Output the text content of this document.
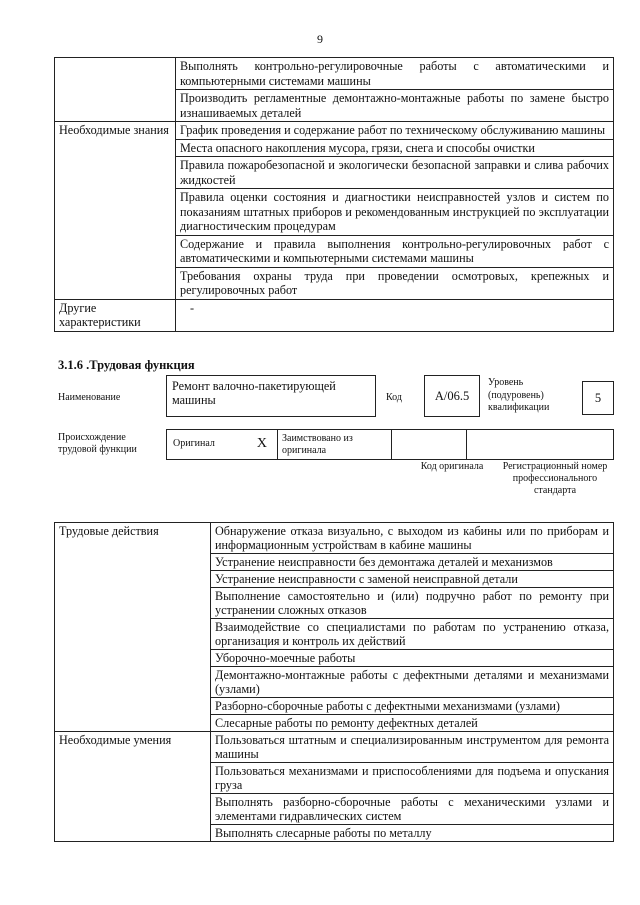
9
	Выполнять контрольно-регулировочные работы с автоматическими и компьютерными системами машины
	Производить регламентные демонтажно-монтажные работы по замене быстро изнашиваемых деталей
Необходимые знания	График проведения и содержание работ по техническому обслуживанию машины
	Места опасного накопления мусора, грязи, снега и способы очистки
	Правила пожаробезопасной и экологически безопасной заправки и слива рабочих жидкостей
	Правила оценки состояния и диагностики неисправностей узлов и систем по показаниям штатных приборов и рекомендованным инструкцией по эксплуатации диагностическим процедурам
	Содержание и правила выполнения контрольно-регулировочных работ с автоматическими и компьютерными системами машины
	Требования охраны труда при проведении осмотровых, крепежных и регулировочных работ
Другие характеристики	-
3.1.6 .Трудовая функция
Наименование
Ремонт валочно-пакетирующей машины	Код	А/06.5
Уровень (подуровень) квалификации
5
Происхождение трудовой функции
Оригинал	X	Заимствовано из оригинала		
Код оригинала	Регистрационный номер профессионального стандарта
Трудовые действия	Обнаружение отказа визуально, с выходом из кабины или по приборам и информационным устройствам в кабине машины
	Устранение неисправности без демонтажа деталей и механизмов
	Устранение неисправности с заменой неисправной детали
	Выполнение самостоятельно и (или) подручно работ по ремонту при устранении сложных отказов
	Взаимодействие со специалистами по работам по устранению отказа, организация и контроль их действий
	Уборочно-моечные работы
	Демонтажно-монтажные работы с дефектными деталями и механизмами (узлами)
	Разборно-сборочные работы с дефектными механизмами (узлами)
	Слесарные работы по ремонту дефектных деталей
Необходимые умения	Пользоваться штатным и специализированным инструментом для ремонта машины
	Пользоваться механизмами и приспособлениями для подъема и опускания груза
	Выполнять разборно-сборочные работы с механическими узлами и элементами гидравлических систем
	Выполнять слесарные работы по металлу
